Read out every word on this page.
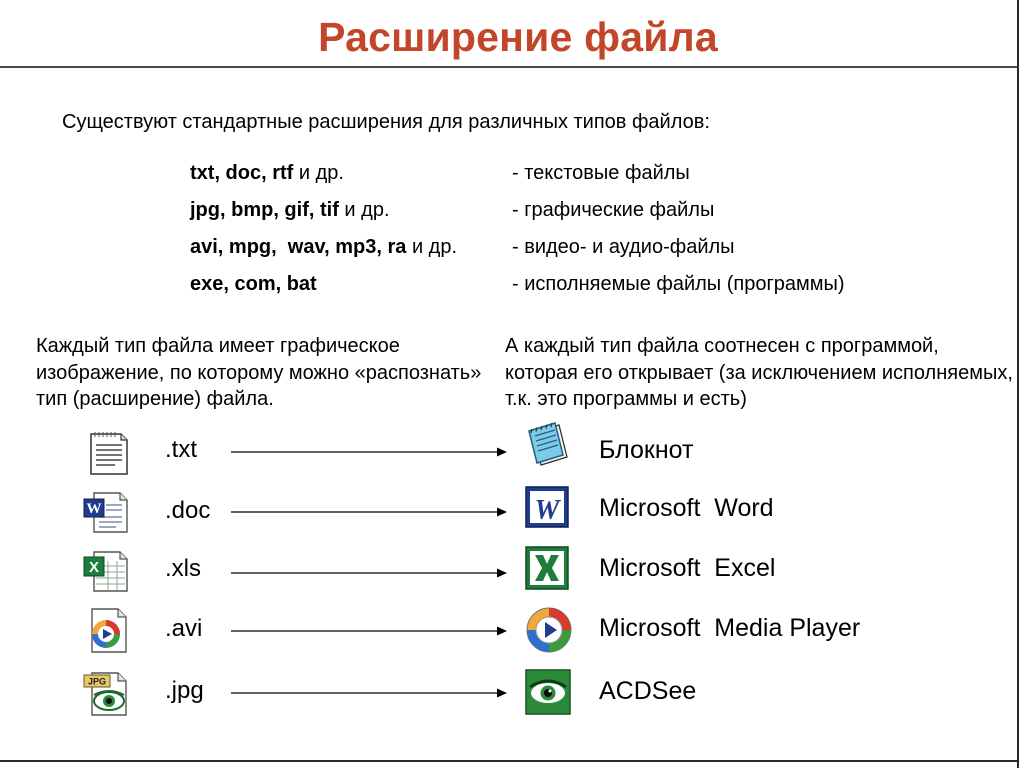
Расширение файла
Существуют стандартные расширения для различных типов файлов:
txt, doc, rtf и др.	- текстовые файлы
jpg, bmp, gif, tif и др.	- графические файлы
avi, mpg,  wav, mp3, ra и др.	- видео- и аудио-файлы
exe, com, bat	- исполняемые файлы (программы)
Каждый тип файла имеет графическое изображение, по которому можно «распознать» тип (расширение) файла.
А каждый тип файла соотнесен с программой, которая его открывает (за исключением исполняемых, т.к. это программы и есть)
.txt	Блокнот
W	.doc	W Microsoft  Word
X	.xls	Microsoft  Excel
.avi	Microsoft  Media Player
JPG .jpg	ACDSee
